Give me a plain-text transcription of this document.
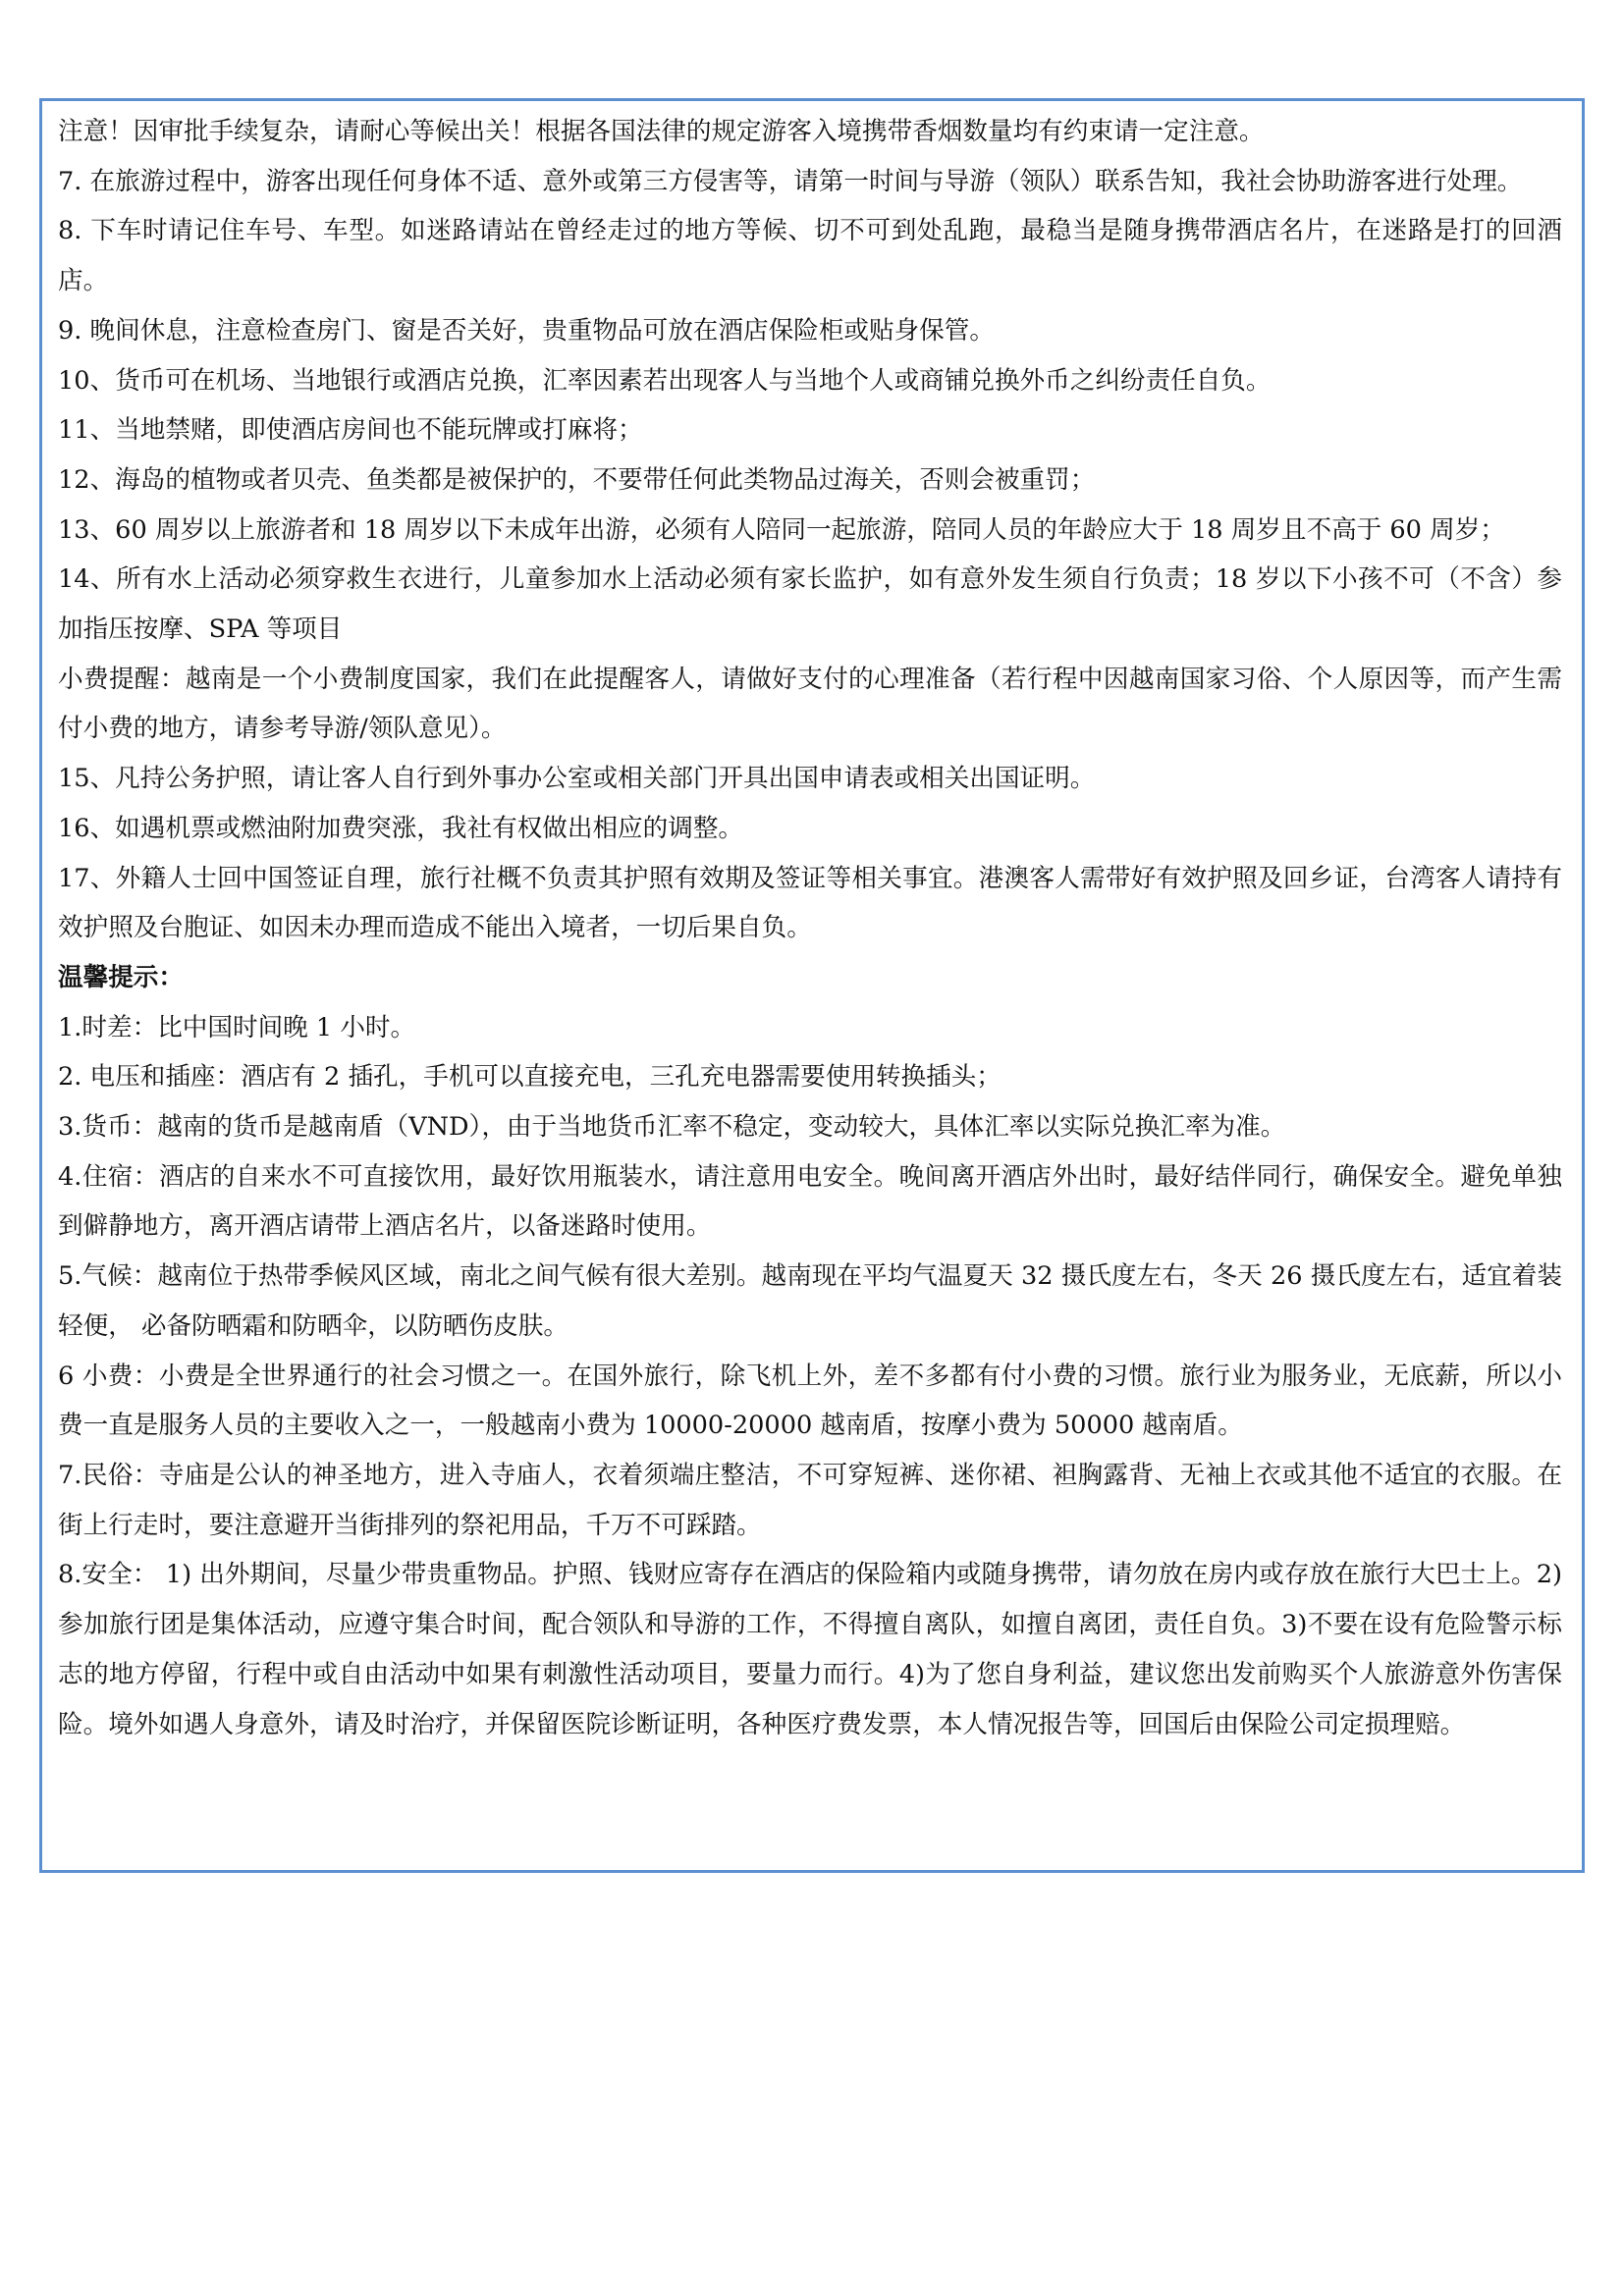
注意！因审批手续复杂，请耐心等候出关！根据各国法律的规定游客入境携带香烟数量均有约束请一定注意。

7. 在旅游过程中，游客出现任何身体不适、意外或第三方侵害等，请第一时间与导游（领队）联系告知，我社会协助游客进行处理。

8. 下车时请记住车号、车型。如迷路请站在曾经走过的地方等候、切不可到处乱跑，最稳当是随身携带酒店名片，在迷路是打的回酒店。

9. 晚间休息，注意检查房门、窗是否关好，贵重物品可放在酒店保险柜或贴身保管。

10、货币可在机场、当地银行或酒店兑换，汇率因素若出现客人与当地个人或商铺兑换外币之纠纷责任自负。

11、当地禁赌，即使酒店房间也不能玩牌或打麻将；

12、海岛的植物或者贝壳、鱼类都是被保护的，不要带任何此类物品过海关，否则会被重罚；

13、60 周岁以上旅游者和 18 周岁以下未成年出游，必须有人陪同一起旅游，陪同人员的年龄应大于 18 周岁且不高于 60 周岁；

14、所有水上活动必须穿救生衣进行，儿童参加水上活动必须有家长监护，如有意外发生须自行负责；18 岁以下小孩不可（不含）参加指压按摩、SPA 等项目

小费提醒：越南是一个小费制度国家，我们在此提醒客人，请做好支付的心理准备（若行程中因越南国家习俗、个人原因等，而产生需付小费的地方，请参考导游/领队意见）。

15、凡持公务护照，请让客人自行到外事办公室或相关部门开具出国申请表或相关出国证明。

16、如遇机票或燃油附加费突涨，我社有权做出相应的调整。

17、外籍人士回中国签证自理，旅行社概不负责其护照有效期及签证等相关事宜。港澳客人需带好有效护照及回乡证，台湾客人请持有效护照及台胞证、如因未办理而造成不能出入境者，一切后果自负。

温馨提示：

1.时差：比中国时间晚 1 小时。

2. 电压和插座：酒店有 2 插孔，手机可以直接充电，三孔充电器需要使用转换插头；

3.货币：越南的货币是越南盾（VND），由于当地货币汇率不稳定，变动较大，具体汇率以实际兑换汇率为准。

4.住宿：酒店的自来水不可直接饮用，最好饮用瓶装水，请注意用电安全。晚间离开酒店外出时，最好结伴同行，确保安全。避免单独到僻静地方，离开酒店请带上酒店名片，以备迷路时使用。

5.气候：越南位于热带季候风区域，南北之间气候有很大差别。越南现在平均气温夏天 32 摄氏度左右，冬天 26 摄氏度左右，适宜着装轻便， 必备防晒霜和防晒伞，以防晒伤皮肤。

6 小费：小费是全世界通行的社会习惯之一。在国外旅行，除飞机上外，差不多都有付小费的习惯。旅行业为服务业，无底薪，所以小费一直是服务人员的主要收入之一，一般越南小费为 10000-20000 越南盾，按摩小费为 50000 越南盾。

7.民俗：寺庙是公认的神圣地方，进入寺庙人，衣着须端庄整洁，不可穿短裤、迷你裙、袒胸露背、无袖上衣或其他不适宜的衣服。在街上行走时，要注意避开当街排列的祭祀用品，千万不可踩踏。

8.安全： 1) 出外期间，尽量少带贵重物品。护照、钱财应寄存在酒店的保险箱内或随身携带，请勿放在房内或存放在旅行大巴士上。2)参加旅行团是集体活动，应遵守集合时间，配合领队和导游的工作，不得擅自离队，如擅自离团，责任自负。3)不要在设有危险警示标志的地方停留，行程中或自由活动中如果有刺激性活动项目，要量力而行。4)为了您自身利益，建议您出发前购买个人旅游意外伤害保险。境外如遇人身意外，请及时治疗，并保留医院诊断证明，各种医疗费发票，本人情况报告等，回国后由保险公司定损理赔。
